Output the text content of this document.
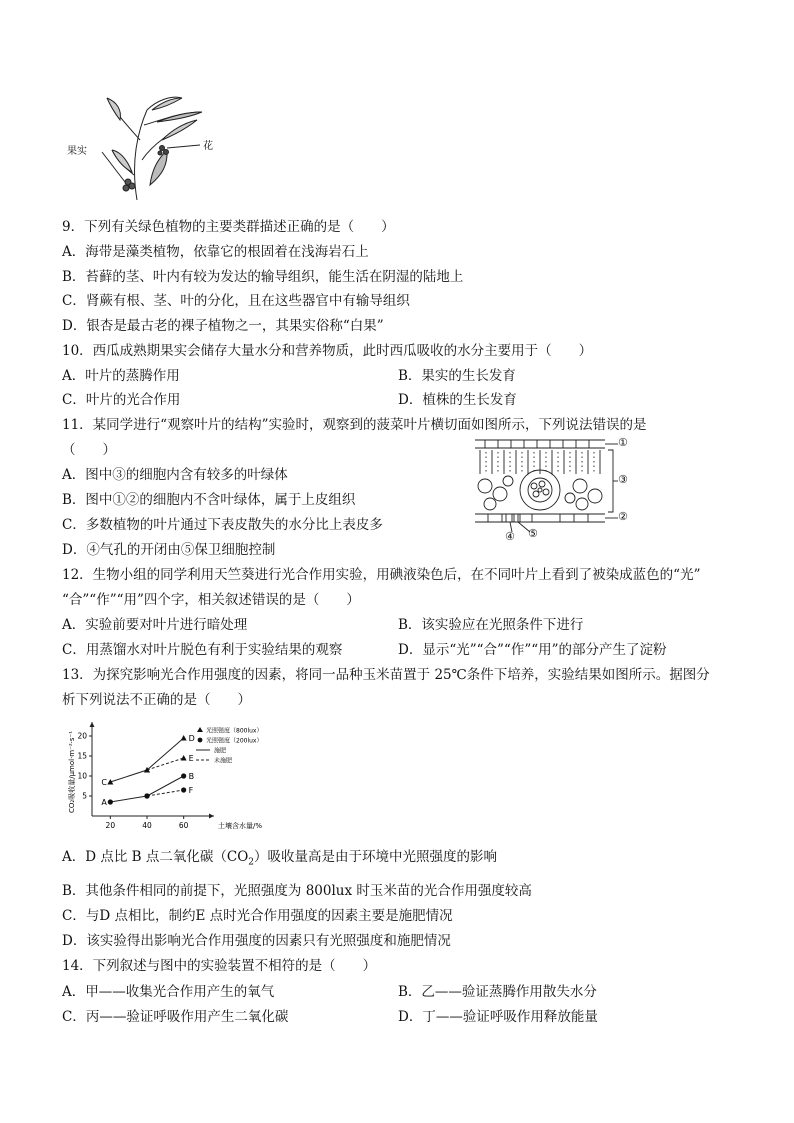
果实	花
9．下列有关绿色植物的主要类群描述正确的是（　　）
A．海带是藻类植物，依靠它的根固着在浅海岩石上
B．苔藓的茎、叶内有较为发达的输导组织，能生活在阴湿的陆地上
C．肾蕨有根、茎、叶的分化，且在这些器官中有输导组织
D．银杏是最古老的裸子植物之一，其果实俗称“白果”
10．西瓜成熟期果实会储存大量水分和营养物质，此时西瓜吸收的水分主要用于（　　）
A．叶片的蒸腾作用	B．果实的生长发育
C．叶片的光合作用	D．植株的生长发育
11．某同学进行“观察叶片的结构”实验时，观察到的菠菜叶片横切面如图所示，下列说法错误的是
（　　）
A．图中③的细胞内含有较多的叶绿体
B．图中①②的细胞内不含叶绿体，属于上皮组织
C．多数植物的叶片通过下表皮散失的水分比上表皮多
D．④气孔的开闭由⑤保卫细胞控制
①
③
②
④ ⑤
12．生物小组的同学利用天竺葵进行光合作用实验，用碘液染色后，在不同叶片上看到了被染成蓝色的“光”
“合”“作”“用”四个字，相关叙述错误的是（　　）
A．实验前要对叶片进行暗处理	B．该实验应在光照条件下进行
C．用蒸馏水对叶片脱色有利于实验结果的观察	D．显示“光”“合”“作”“用”的部分产生了淀粉
13．为探究影响光合作用强度的因素，将同一品种玉米苗置于 25℃条件下培养，实验结果如图所示。据图分
析下列说法不正确的是（　　）
20	40	60
5
10
15
20
土壤含水量/%
CO₂吸收量/μmol·m⁻²·s⁻¹	C
D
E
A
B
F
光照强度（800lux）
光照强度（200lux）
施肥
未施肥
A．D 点比 B 点二氧化碳$(CO_2)$吸收量高是由于环境中光照强度的影响
B．其他条件相同的前提下，光照强度为 800lux 时玉米苗的光合作用强度较高
C．与D 点相比，制约E 点时光合作用强度的因素主要是施肥情况
D．该实验得出影响光合作用强度的因素只有光照强度和施肥情况
14．下列叙述与图中的实验装置不相符的是（　　）
A．甲——收集光合作用产生的氧气	B．乙——验证蒸腾作用散失水分
C．丙——验证呼吸作用产生二氧化碳	D．丁——验证呼吸作用释放能量
